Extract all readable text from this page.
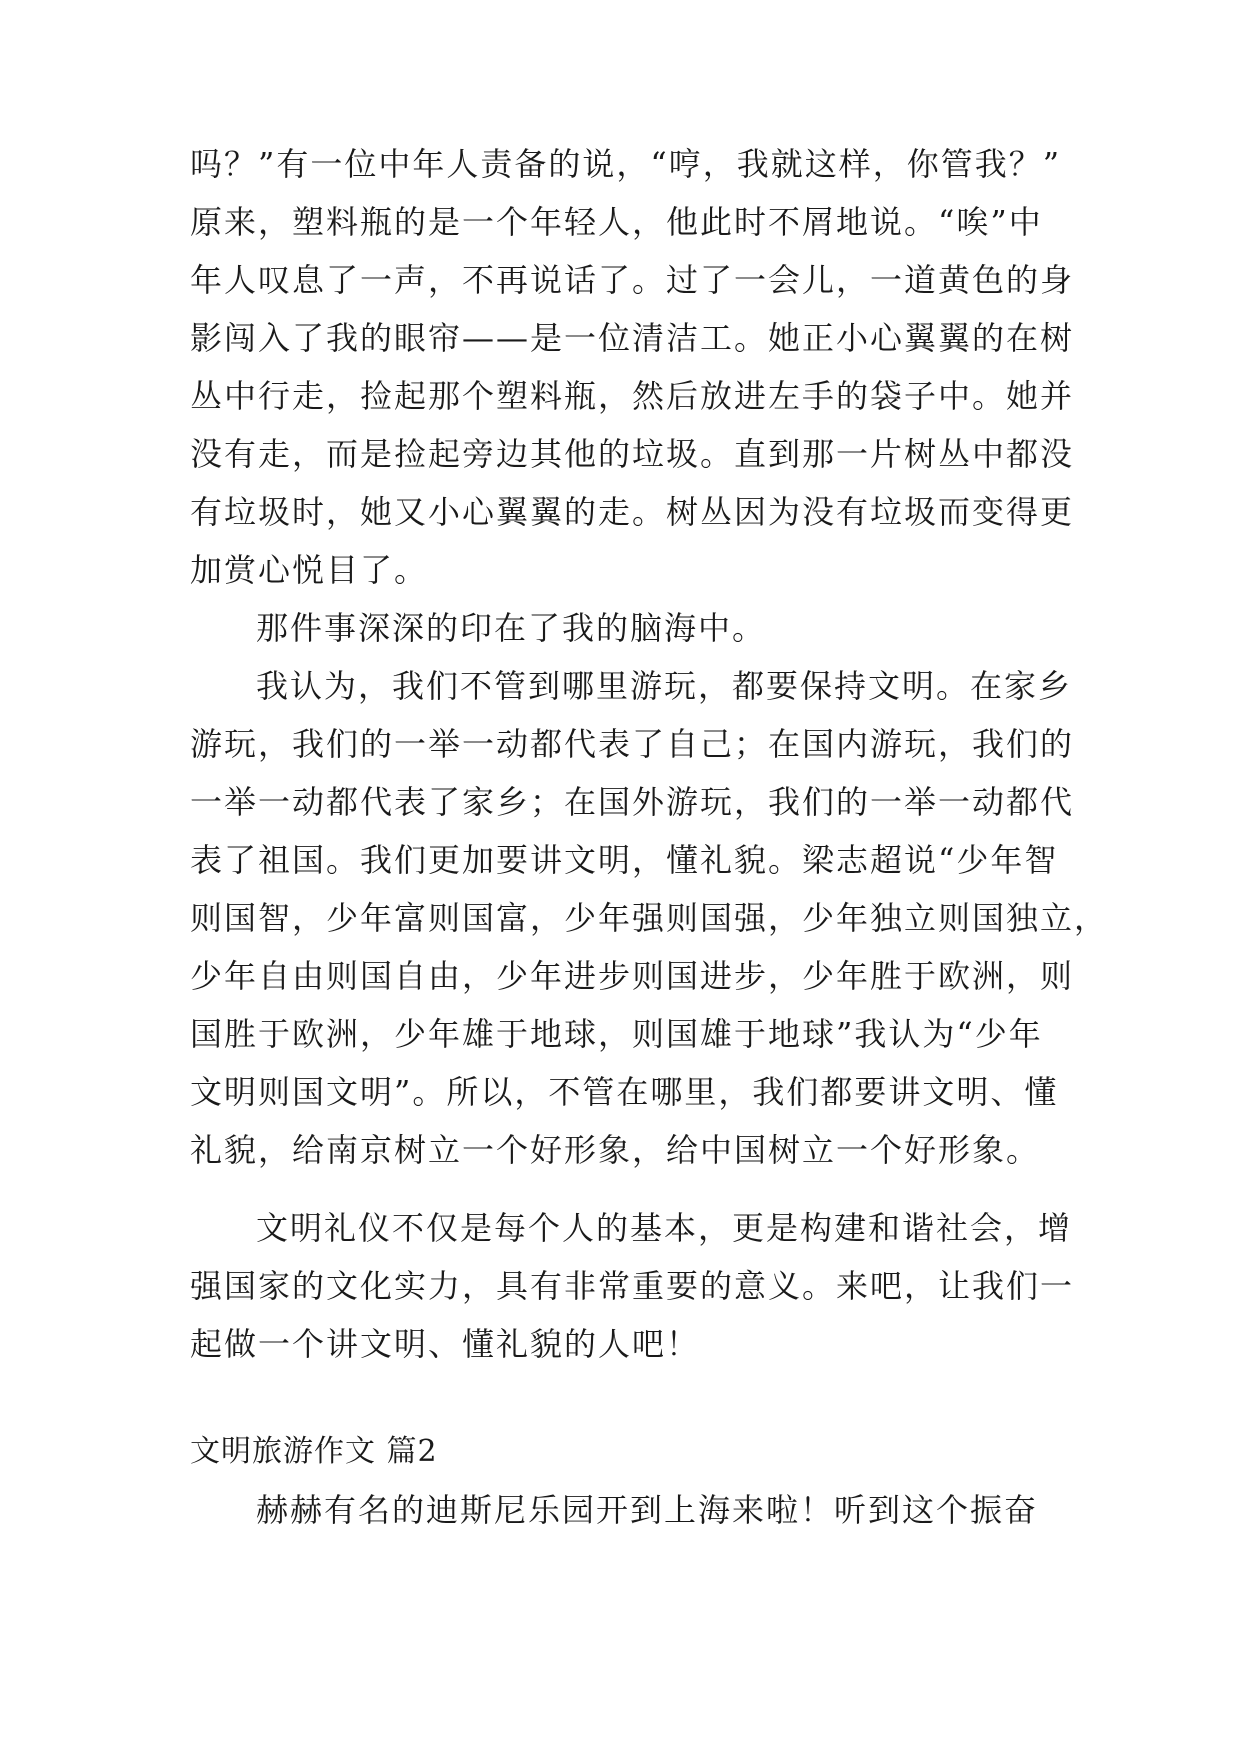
吗？”有一位中年人责备的说，“哼，我就这样，你管我？”
原来，塑料瓶的是一个年轻人，他此时不屑地说。“唉”中
年人叹息了一声，不再说话了。过了一会儿，一道黄色的身
影闯入了我的眼帘——是一位清洁工。她正小心翼翼的在树
丛中行走，捡起那个塑料瓶，然后放进左手的袋子中。她并
没有走，而是捡起旁边其他的垃圾。直到那一片树丛中都没
有垃圾时，她又小心翼翼的走。树丛因为没有垃圾而变得更
加赏心悦目了。
那件事深深的印在了我的脑海中。
我认为，我们不管到哪里游玩，都要保持文明。在家乡
游玩，我们的一举一动都代表了自己；在国内游玩，我们的
一举一动都代表了家乡；在国外游玩，我们的一举一动都代
表了祖国。我们更加要讲文明，懂礼貌。梁志超说“少年智
则国智，少年富则国富，少年强则国强，少年独立则国独立，
少年自由则国自由，少年进步则国进步，少年胜于欧洲，则
国胜于欧洲，少年雄于地球，则国雄于地球”我认为“少年
文明则国文明”。所以，不管在哪里，我们都要讲文明、懂
礼貌，给南京树立一个好形象，给中国树立一个好形象。
文明礼仪不仅是每个人的基本，更是构建和谐社会，增
强国家的文化实力，具有非常重要的意义。来吧，让我们一
起做一个讲文明、懂礼貌的人吧！
文明旅游作文 篇2
赫赫有名的迪斯尼乐园开到上海来啦！听到这个振奋
